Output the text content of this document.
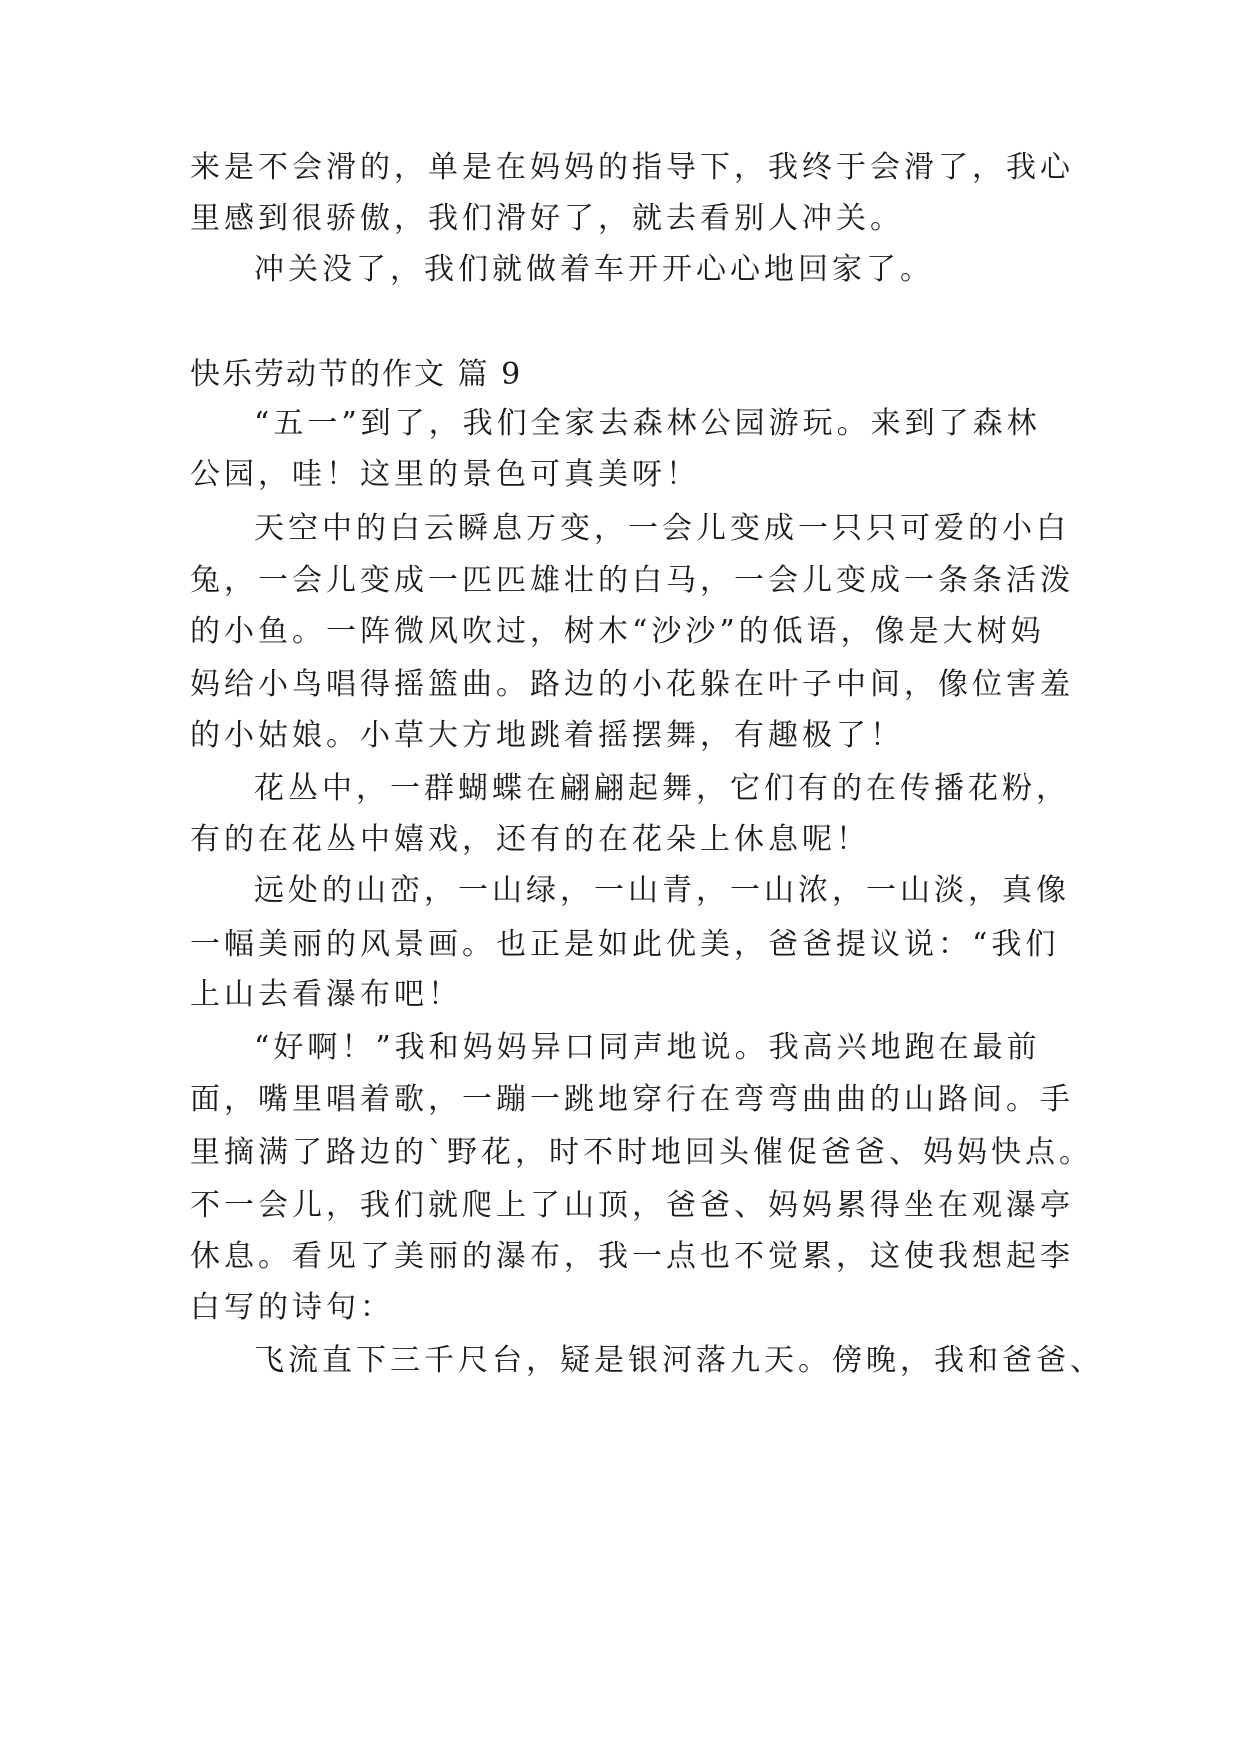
来是不会滑的，单是在妈妈的指导下，我终于会滑了，我心
里感到很骄傲，我们滑好了，就去看别人冲关。
冲关没了，我们就做着车开开心心地回家了。
快乐劳动节的作文 篇 9
“五一”到了，我们全家去森林公园游玩。来到了森林
公园，哇！这里的景色可真美呀！
天空中的白云瞬息万变，一会儿变成一只只可爱的小白
兔，一会儿变成一匹匹雄壮的白马，一会儿变成一条条活泼
的小鱼。一阵微风吹过，树木“沙沙”的低语，像是大树妈
妈给小鸟唱得摇篮曲。路边的小花躲在叶子中间，像位害羞
的小姑娘。小草大方地跳着摇摆舞，有趣极了！
花丛中，一群蝴蝶在翩翩起舞，它们有的在传播花粉，
有的在花丛中嬉戏，还有的在花朵上休息呢！
远处的山峦，一山绿，一山青，一山浓，一山淡，真像
一幅美丽的风景画。也正是如此优美，爸爸提议说：“我们
上山去看瀑布吧！
“好啊！”我和妈妈异口同声地说。我高兴地跑在最前
面，嘴里唱着歌，一蹦一跳地穿行在弯弯曲曲的山路间。手
里摘满了路边的`野花，时不时地回头催促爸爸、妈妈快点。
不一会儿，我们就爬上了山顶，爸爸、妈妈累得坐在观瀑亭
休息。看见了美丽的瀑布，我一点也不觉累，这使我想起李
白写的诗句：
飞流直下三千尺台，疑是银河落九天。傍晚，我和爸爸、
